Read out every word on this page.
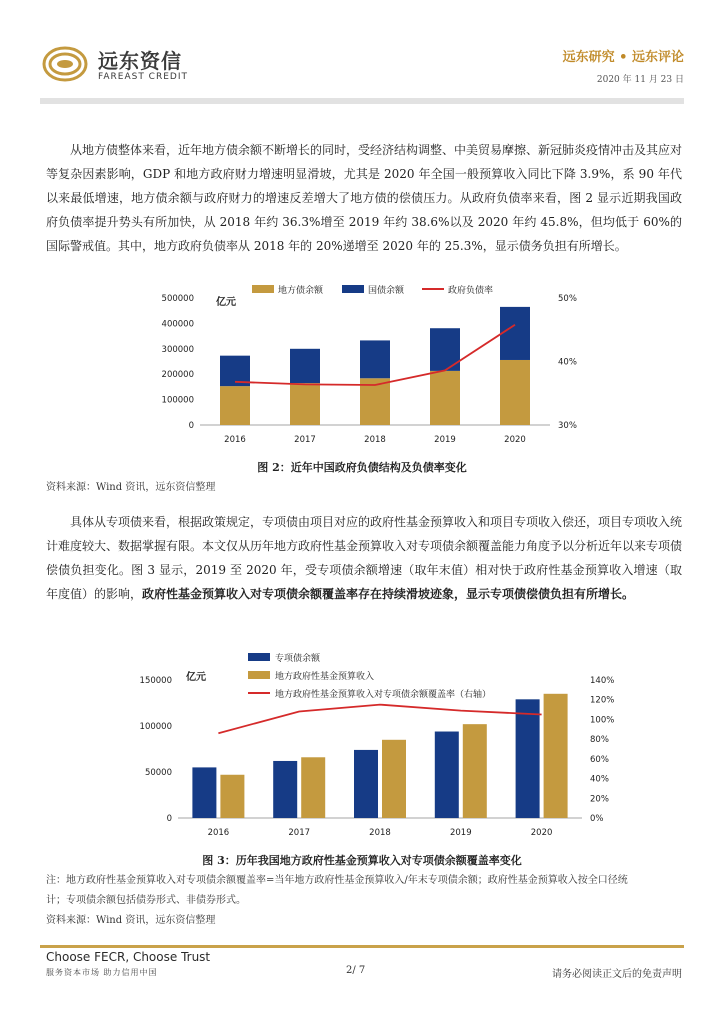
远东资信
FAREAST CREDIT
远东研究 • 远东评论
2020 年 11 月 23 日

从地方债整体来看，近年地方债余额不断增长的同时，受经济结构调整、中美贸易摩擦、新冠肺炎疫情冲击及其应对等复杂因素影响，GDP 和地方政府财力增速明显滑坡，尤其是 2020 年全国一般预算收入同比下降 3.9%，系 90 年代以来最低增速，地方债余额与政府财力的增速反差增大了地方债的偿债压力。从政府负债率来看，图 2 显示近期我国政府负债率提升势头有所加快，从 2018 年约 36.3%增至 2019 年约 38.6%以及 2020 年约 45.8%，但均低于 60%的国际警戒值。其中，地方政府负债率从 2018 年的 20%递增至 2020 年的 25.3%，显示债务负担有所增长。

地方债余额	国债余额	政府负债率
亿元
0
100000
200000
300000
400000
500000
30%
40%
50%
2016	2017	2018	2019	2020
图 2：近年中国政府负债结构及负债率变化
资料来源：Wind 资讯，远东资信整理

具体从专项债来看，根据政策规定，专项债由项目对应的政府性基金预算收入和项目专项收入偿还，项目专项收入统计难度较大、数据掌握有限。本文仅从历年地方政府性基金预算收入对专项债余额覆盖能力角度予以分析近年以来专项债偿债负担变化。图 3 显示，2019 至 2020 年，受专项债余额增速（取年末值）相对快于政府性基金预算收入增速（取年度值）的影响，政府性基金预算收入对专项债余额覆盖率存在持续滑坡迹象，显示专项债偿债负担有所增长。

专项债余额
地方政府性基金预算收入
地方政府性基金预算收入对专项债余额覆盖率（右轴）
亿元
0
50000
100000
150000
0%
20%
40%
60%
80%
100%
120%
140%
2016	2017	2018	2019	2020
图 3：历年我国地方政府性基金预算收入对专项债余额覆盖率变化
注：地方政府性基金预算收入对专项债余额覆盖率=当年地方政府性基金预算收入/年末专项债余额；政府性基金预算收入按全口径统
计；专项债余额包括债券形式、非债券形式。
资料来源：Wind 资讯，远东资信整理
Choose FECR, Choose Trust
服务资本市场 助力信用中国	2/ 7	请务必阅读正文后的免责声明
